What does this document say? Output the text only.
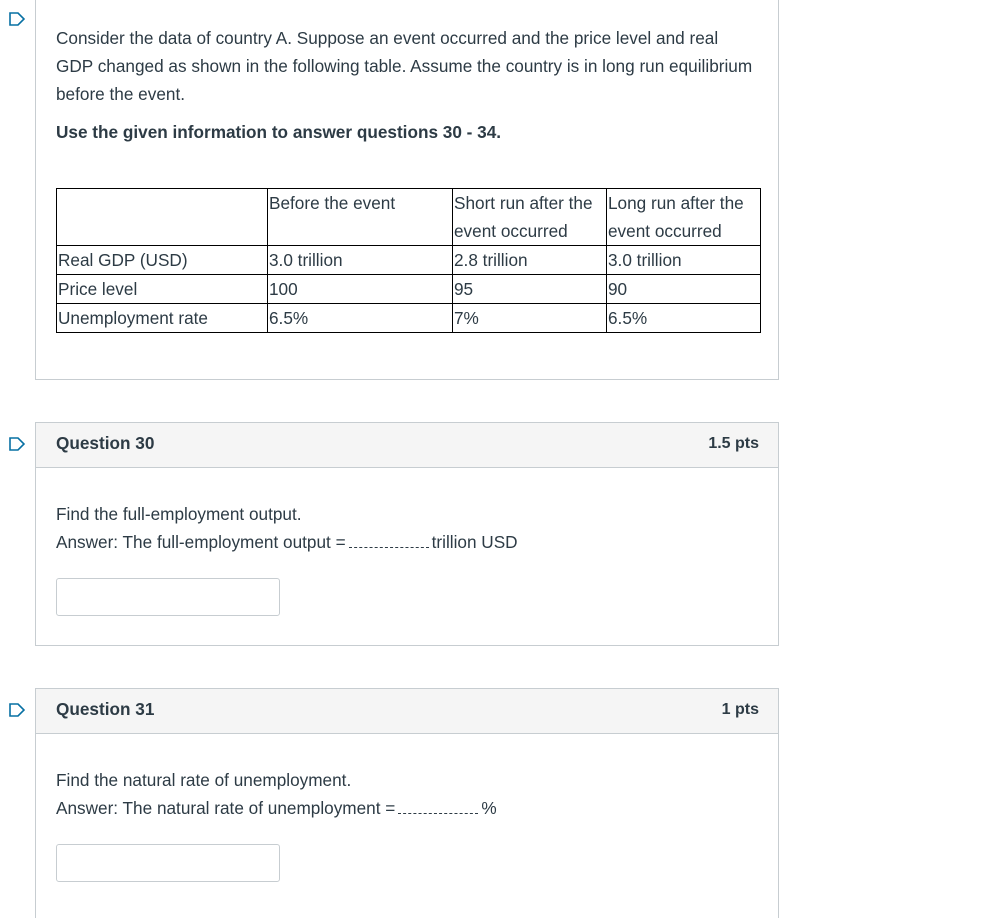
Consider the data of country A. Suppose an event occurred and the price level and real GDP changed as shown in the following table. Assume the country is in long run equilibrium before the event.

Use the given information to answer questions 30 - 34.
	Before the event	Short run after the event occurred	Long run after the event occurred
Real GDP (USD)	3.0 trillion	2.8 trillion	3.0 trillion
Price level	100	95	90
Unemployment rate	6.5%	7%	6.5%
Question 30	1.5 pts

Find the full-employment output.

Answer: The full-employment output =	trillion USD

Question 31	1 pts

Find the natural rate of unemployment.

Answer: The natural rate of unemployment =	%
